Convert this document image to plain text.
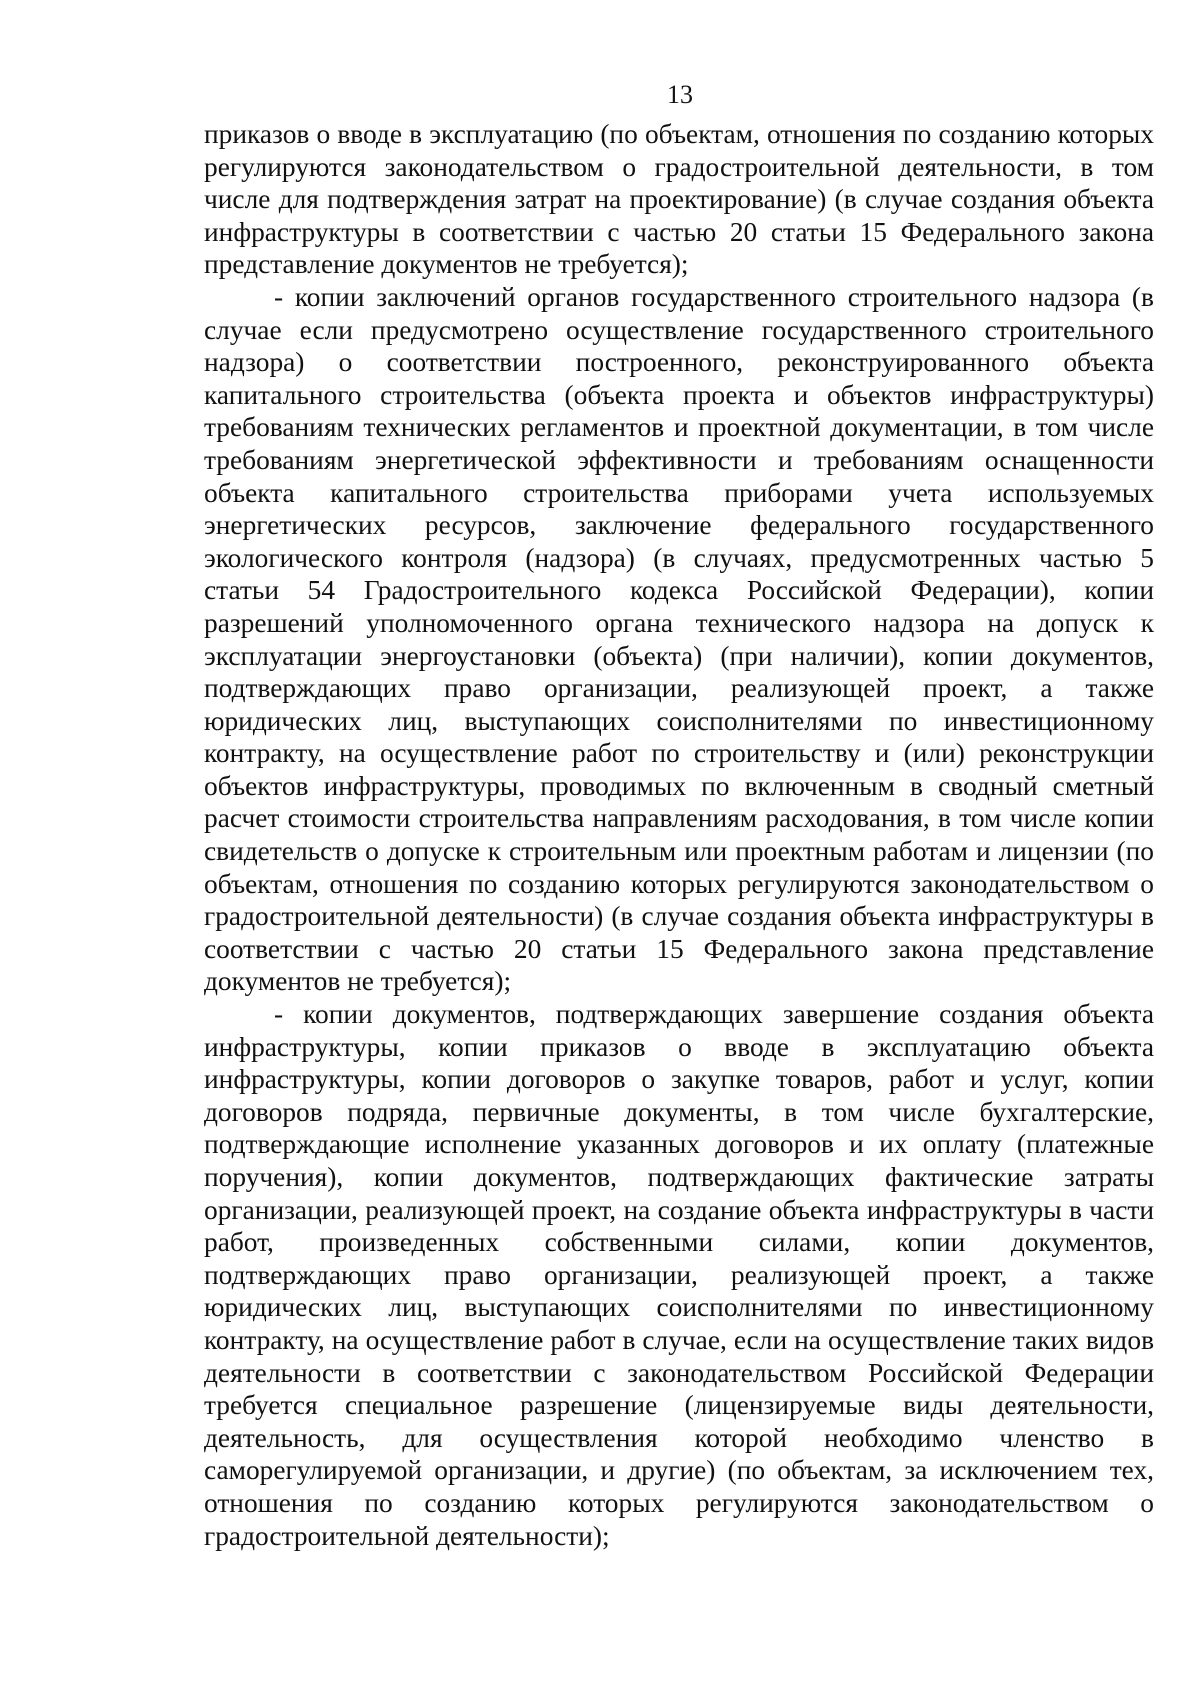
13

приказов о вводе в эксплуатацию (по объектам, отношения по созданию которых регулируются законодательством о градостроительной деятельности, в том числе для подтверждения затрат на проектирование) (в случае создания объекта инфраструктуры в соответствии с частью 20 статьи 15 Федерального закона представление документов не требуется);

- копии заключений органов государственного строительного надзора (в случае если предусмотрено осуществление государственного строительного надзора) о соответствии построенного, реконструированного объекта капитального строительства (объекта проекта и объектов инфраструктуры) требованиям технических регламентов и проектной документации, в том числе требованиям энергетической эффективности и требованиям оснащенности объекта капитального строительства приборами учета используемых энергетических ресурсов, заключение федерального государственного экологического контроля (надзора) (в случаях, предусмотренных частью 5 статьи 54 Градостроительного кодекса Российской Федерации), копии разрешений уполномоченного органа технического надзора на допуск к эксплуатации энергоустановки (объекта) (при наличии), копии документов, подтверждающих право организации, реализующей проект, а также юридических лиц, выступающих соисполнителями по инвестиционному контракту, на осуществление работ по строительству и (или) реконструкции объектов инфраструктуры, проводимых по включенным в сводный сметный расчет стоимости строительства направлениям расходования, в том числе копии свидетельств о допуске к строительным или проектным работам и лицензии (по объектам, отношения по созданию которых регулируются законодательством о градостроительной деятельности) (в случае создания объекта инфраструктуры в соответствии с частью 20 статьи 15 Федерального закона представление документов не требуется);

- копии документов, подтверждающих завершение создания объекта инфраструктуры, копии приказов о вводе в эксплуатацию объекта инфраструктуры, копии договоров о закупке товаров, работ и услуг, копии договоров подряда, первичные документы, в том числе бухгалтерские, подтверждающие исполнение указанных договоров и их оплату (платежные поручения), копии документов, подтверждающих фактические затраты организации, реализующей проект, на создание объекта инфраструктуры в части работ, произведенных собственными силами, копии документов, подтверждающих право организации, реализующей проект, а также юридических лиц, выступающих соисполнителями по инвестиционному контракту, на осуществление работ в случае, если на осуществление таких видов деятельности в соответствии с законодательством Российской Федерации требуется специальное разрешение (лицензируемые виды деятельности, деятельность, для осуществления которой необходимо членство в саморегулируемой организации, и другие) (по объектам, за исключением тех, отношения по созданию которых регулируются законодательством о градостроительной деятельности);
